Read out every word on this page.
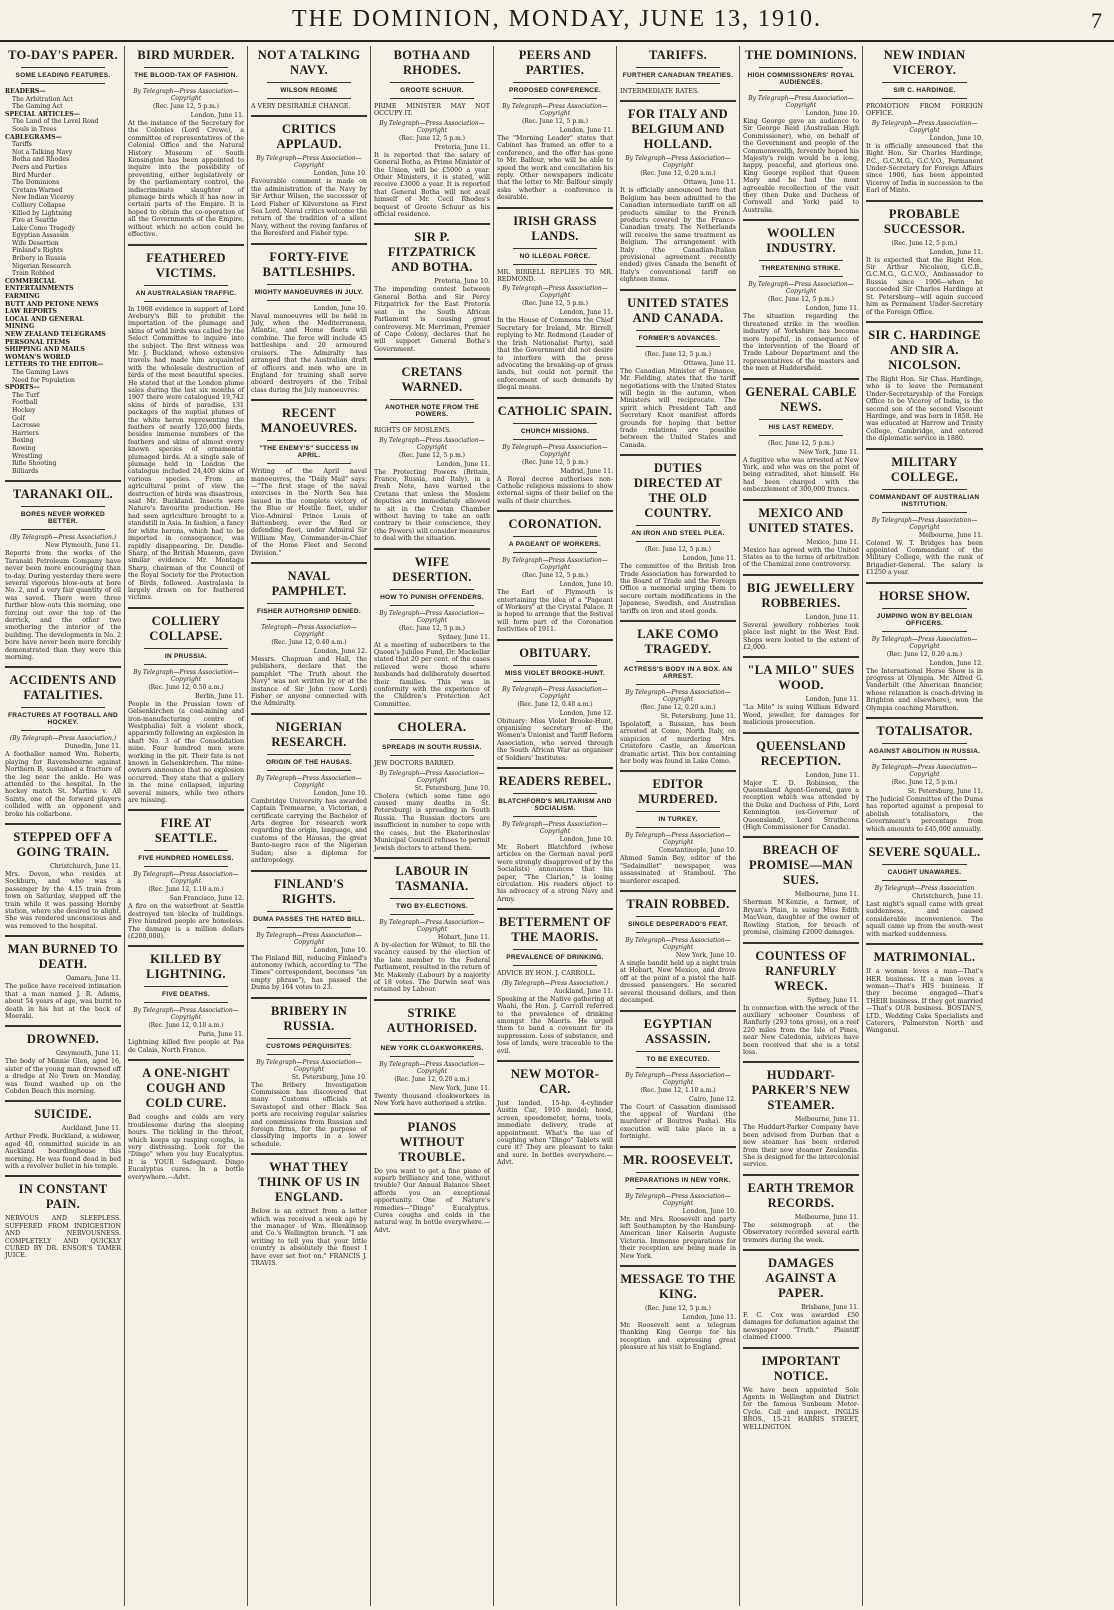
THE DOMINION, MONDAY, JUNE 13, 1910.	7
TO-DAY'S PAPER.
SOME LEADING FEATURES.
READERS—
The Arbitration Act
The Gaming Act
SPECIAL ARTICLES—
The Land of the Level Road
Souls in Trees
CABLEGRAMS—
Tariffs
Not a Talking Navy
Botha and Rhodes
Peers and Parties
Bird Murder
The Dominions
Cretans Warned
New Indian Viceroy
Colliery Collapse
Killed by Lightning
Fire at Seattle
Lake Como Tragedy
Egyptian Assassin
Wife Desertion
Finland's Rights
Bribery in Russia
Nigerian Research
Train Robbed
COMMERCIAL
ENTERTAINMENTS
FARMING
BUTT AND PETONE NEWS
LAW REPORTS
LOCAL AND GENERAL
MINING
NEW ZEALAND TELEGRAMS
PERSONAL ITEMS
SHIPPING AND MAILS
WOMAN'S WORLD
LETTERS TO THE EDITOR—
The Gaming Laws
Need for Population
SPORTS—
The Turf
Football
Hockey
Golf
Lacrosse
Harriers
Boxing
Rowing
Wrestling
Rifle Shooting
Billiards
TARANAKI OIL.
BORES NEVER WORKED BETTER.
(By Telegraph—Press Association.)
New Plymouth, June 11.
Reports from the works of the Taranaki Petroleum Company have never been more encouraging than to-day. During yesterday there were several vigorous blow-outs at bore No. 2, and a very fair quantity of oil was saved. There were three further blow-outs this morning, one forcing out over the top of the derrick, and the other two smothering the interior of the building. The developments in No. 2 bore have never been more forcibly demonstrated than they were this morning.
ACCIDENTS AND FATALITIES.
FRACTURES AT FOOTBALL AND HOCKEY.
(By Telegraph—Press Association.)
Dunedin, June 11.
A footballer named Wm. Roberts, playing for Ravensbourne against Northern B, sustained a fracture of the leg near the ankle. He was attended to the hospital. In the hockey match St. Martins v. All Saints, one of the forward players collided with an opponent and broke his collarbone.
STEPPED OFF A GOING TRAIN.
Christchurch, June 11.
Mrs. Devon, who resides at Sockburn, and who was a passenger by the 4.15 train from town on Saturday, stepped off the train while it was passing Hornby station, where she desired to alight. She was rendered unconscious and was removed to the hospital.
MAN BURNED TO DEATH.
Oamaru, June 11.
The police have received intimation that a man named J. R. Adams, about 54 years of age, was burnt to death in his hut at the back of Moeraki.
DROWNED.
Greymouth, June 11.
The body of Minnie Glen, aged 16, sister of the young man drowned off a dredge at No Town on Monday, was found washed up on the Cobden Beach this morning.
SUICIDE.
Auckland, June 11.
Arthur Fredk. Buckland, a widower, aged 40, committed suicide in an Auckland boardinghouse this morning. He was found dead in bed with a revolver bullet in his temple.
IN CONSTANT PAIN.
NERVOUS AND SLEEPLESS. SUFFERED FROM INDIGESTION AND NERVOUSNESS. COMPLETELY AND QUICKLY CURED BY DR. ENSOR'S TAMER JUICE.
BIRD MURDER.
THE BLOOD-TAX OF FASHION.
By Telegraph—Press Association—Copyright
(Rec. June 12, 5 p.m.)
London, June 11.
At the instance of the Secretary for the Colonies (Lord Crewe), a committee of representatives of the Colonial Office and the Natural History Museum of South Kensington has been appointed to inquire into the possibility of preventing, either legislatively or by the parliamentary control, the indiscriminate slaughter of plumage birds which it has now in certain parts of the Empire. It is hoped to obtain the co-operation of all the Governments of the Empire, without which no action could be effective.
FEATHERED VICTIMS.
AN AUSTRALASIAN TRAFFIC.
In 1908 evidence in support of Lord Avebury's Bill to prohibit the importation of the plumage and skins of wild birds was called by the Select Committee to inquire into the subject. The first witness was Mr. J. Buckland, whose extensive travels had made him acquainted with the wholesale destruction of birds of the most beautiful species. He stated that at the London plume sales during the last six months of 1907 there were catalogued 19,742 skins of birds of paradise, 131 packages of the nuptial plumes of the white heron representing the feathers of nearly 120,000 birds, besides immense numbers of the feathers and skins of almost every known species of ornamental plumaged birds. At a single sale of plumage held in London the catalogue included 24,400 skins of various species. From an agricultural point of view the destruction of birds was disastrous, said Mr. Buckland. Insects were Nature's favourite production. He had seen agriculture brought to a standstill in Asia. In fashion, a fancy for white herons, which had to be imported in consequence, was rapidly disappearing. Dr. Dendle-Sharp, of the British Museum, gave similar evidence. Mr. Montagu Sharp, chairman of the Council of the Royal Society for the Protection of Birds, followed. Australasia is largely drawn on for feathered victims.
COLLIERY COLLAPSE.
IN PRUSSIA.
By Telegraph—Press Association—Copyright
(Rec. June 12, 0.50 a.m.)
Berlin, June 11.
People in the Prussian town of Gelsenkirchen (a coal-mining and iron-manufacturing centre of Westphalia) felt a violent shock, apparently following an explosion in shaft No. 3 of the Consolidation mine. Four hundred men were working in the pit. Their fate is not known in Gelsenkirchen. The mine-owners announce that no explosion occurred. They state that a gallery in the mine collapsed, injuring several miners, while two others are missing.
FIRE AT SEATTLE.
FIVE HUNDRED HOMELESS.
By Telegraph—Press Association—Copyright
(Rec. June 12, 1.10 a.m.)
San Francisco, June 12.
A fire on the waterfront at Seattle destroyed ten blocks of buildings. Five hundred people are homeless. The damage is a million dollars (£200,000).
KILLED BY LIGHTNING.
FIVE DEATHS.
By Telegraph—Press Association—Copyright
(Rec. June 12, 0.10 a.m.)
Paris, June 11.
Lightning killed five people at Pas de Calais, North France.
A ONE-NIGHT COUGH AND COLD CURE.
Bad coughs and colds are very troublesome during the sleeping hours. The tickling in the throat, which keeps up rasping coughs, is very distressing. Look for the "Dingo" when you buy Eucalyptus. It is YOUR Safeguard. Dingo Eucalyptus cures. In a bottle everywhere.—Advt.
NOT A TALKING NAVY.
WILSON REGIME
A VERY DESIRABLE CHANGE.
CRITICS APPLAUD.
By Telegraph—Press Association—Copyright
London, June 10.
Favourable comment is made on the administration of the Navy by Sir Arthur Wilson, the successor of Lord Fisher of Kilverstone as First Sea Lord. Naval critics welcome the return of the tradition of a silent Navy, without the roving fanfares of the Beresford and Fisher type.
FORTY-FIVE BATTLESHIPS.
MIGHTY MANOEUVRES IN JULY.
London, June 10.
Naval manoeuvres will be held in July, when the Mediterranean, Atlantic, and Home fleets will combine. The force will include 45 battleships and 20 armoured cruisers. The Admiralty has arranged that the Australian draft of officers and men who are in England for training shall serve aboard destroyers of the Tribal class during the July manoeuvres.
RECENT MANOEUVRES.
"THE ENEMY'S" SUCCESS IN APRIL.
Writing of the April naval manoeuvres, the "Daily Mail" says:—"The first stage of the naval exercises in the North Sea has issued in the complete victory of the Blue or Hostile fleet, under Vice-Admiral Prince Louis of Battenberg, over the Red or defending fleet, under Admiral Sir William May, Commander-in-Chief of the Home Fleet and Second Division."
NAVAL PAMPHLET.
FISHER AUTHORSHIP DENIED.
Telegraph—Press Association—Copyright
(Rec. June 12, 0.40 a.m.)
London, June 12.
Messrs. Chapman and Hall, the publishers, declare that the pamphlet "The Truth about the Navy" was not written by or at the instance of Sir John (now Lord) Fisher or anyone connected with the Admiralty.
NIGERIAN RESEARCH.
ORIGIN OF THE HAUSAS.
By Telegraph—Press Association—Copyright
London, June 10.
Cambridge University has awarded Captain Tremearne, a Victorian, a certificate carrying the Bachelor of Arts degree for research work regarding the origin, language, and customs of the Hausas, the great Banto-negro race of the Nigerian Sudan; also a diploma for anthropology.
FINLAND'S RIGHTS.
DUMA PASSES THE HATED BILL.
By Telegraph—Press Association—Copyright
London, June 10.
The Finland Bill, reducing Finland's autonomy (which, according to "The Times" correspondent, becomes "an empty phrase"), has passed the Duma by 164 votes to 23.
BRIBERY IN RUSSIA.
CUSTOMS PERQUISITES.
By Telegraph—Press Association—Copyright
St. Petersburg, June 10.
The Bribery Investigation Commission has discovered that many Customs officials at Sevastopol and other Black Sea ports are receiving regular salaries and commissions from Russian and foreign firms, for the purpose of classifying imports in a lower schedule.
WHAT THEY THINK OF US IN ENGLAND.
Below is an extract from a letter which was received a week ago by the manager of Wm. Blenkinsop and Co.'s Wellington branch. "I am writing to tell you that your little country is absolutely the finest I have ever set foot on." FRANCIS J. TRAVIS.
BOTHA AND RHODES.
GROOTE SCHUUR.
PRIME MINISTER MAY NOT OCCUPY IT.
By Telegraph—Press Association—Copyright
(Rec. June 12, 5 p.m.)
Pretoria, June 11.
It is reported that the salary of General Botha, as Prime Minister of the Union, will be £5000 a year. Other Ministers, it is stated, will receive £3000 a year. It is reported that General Botha will not avail himself of Mr. Cecil Rhodes's bequest of Groote Schuur as his official residence.
SIR P. FITZPATRICK AND BOTHA.
Pretoria, June 10.
The impending contest between General Botha and Sir Percy Fitzpatrick for the East Pretoria seat in the South African Parliament is causing great controversy. Mr. Merriman, Premier of Cape Colony, declares that he will support General Botha's Government.
CRETANS WARNED.
ANOTHER NOTE FROM THE POWERS.
RIGHTS OF MOSLEMS.
By Telegraph—Press Association—Copyright
(Rec. June 12, 5 p.m.)
London, June 11.
The Protecting Powers (Britain, France, Russia, and Italy), in a fresh Note, have warned the Cretans that unless the Moslem deputies are immediately allowed to sit in the Cretan Chamber without having to take an oath contrary to their conscience, they (the Powers) will consider measures to deal with the situation.
WIFE DESERTION.
HOW TO PUNISH OFFENDERS.
By Telegraph—Press Association—Copyright
(Rec. June 12, 5 p.m.)
Sydney, June 11.
At a meeting of subscribers to the Queen's Jubilee Fund, Dr. Mackellar stated that 20 per cent. of the cases relieved were those where husbands had deliberately deserted their families. This was in conformity with the experience of the Children's Protection Act Committee.
CHOLERA.
SPREADS IN SOUTH RUSSIA.
JEW DOCTORS BARRED.
By Telegraph—Press Association—Copyright
St. Petersburg, June 10.
Cholera (which some time ago caused many deaths in St. Petersburg) is spreading in South Russia. The Russian doctors are insufficient in number to cope with the cases, but the Ekaterinoslav Municipal Council refuses to permit Jewish doctors to attend them.
LABOUR IN TASMANIA.
TWO BY-ELECTIONS.
By Telegraph—Press Association—Copyright
Hobart, June 11.
A by-election for Wilmot, to fill the vacancy caused by the election of the late member to the Federal Parliament, resulted in the return of Mr. Makenly (Labour) by a majority of 18 votes. The Darwin seat was retained by Labour.
STRIKE AUTHORISED.
NEW YORK CLOAKWORKERS.
By Telegraph—Press Association—Copyright
(Rec. June 12, 0.20 a.m.)
New York, June 11.
Twenty thousand cloakworkers in New York have authorised a strike.
PIANOS WITHOUT TROUBLE.
Do you want to get a fine piano of superb brilliancy and tone, without trouble? Our Annual Balance Sheet affords you an exceptional opportunity. One of Nature's remedies—"Dingo" Eucalyptus. Cures coughs and colds in the natural way. In bottle everywhere.—Advt.
PEERS AND PARTIES.
PROPOSED CONFERENCE.
By Telegraph—Press Association—Copyright
(Rec. June 12, 5 p.m.)
London, June 11.
The "Morning Leader" states that Cabinet has framed an offer to a conference, and the offer has gone to Mr. Balfour, who will be able to speed the work and conciliation his reply. Other newspapers indicate that the letter to Mr. Balfour simply asks whether a conference is desirable.
IRISH GRASS LANDS.
NO ILLEGAL FORCE.
MR. BIRRELL REPLIES TO MR. REDMOND.
By Telegraph—Press Association—Copyright
(Rec. June 12, 5 p.m.)
London, June 11.
In the House of Commons the Chief Secretary for Ireland, Mr. Birrell, replying to Mr. Redmond (Leader of the Irish Nationalist Party), said that the Government did not desire to interfere with the press advocating the breaking-up of grass lands, but could not permit the enforcement of such demands by illegal means.
CATHOLIC SPAIN.
CHURCH MISSIONS.
By Telegraph—Press Association—Copyright
(Rec. June 12, 5 p.m.)
Madrid, June 11.
A Royal decree authorises non-Catholic religious missions to show external signs of their belief on the walls of their churches.
CORONATION.
A PAGEANT OF WORKERS.
By Telegraph—Press Association—Copyright
(Rec. June 12, 5 p.m.)
London, June 10.
The Earl of Plymouth is entertaining the idea of a "Pageant of Workers" at the Crystal Palace. It is hoped to arrange that the festival will form part of the Coronation festivities of 1911.
OBITUARY.
MISS VIOLET BROOKE-HUNT.
By Telegraph—Press Association—Copyright
(Rec. June 12, 0.40 a.m.)
London, June 12.
Obituary: Miss Violet Brooke-Hunt, organising secretary of the Women's Unionist and Tariff Reform Association, who served through the South African War as organiser of Soldiers' Institutes.
READERS REBEL.
BLATCHFORD'S MILITARISM AND SOCIALISM.
By Telegraph—Press Association—Copyright
London, June 10.
Mr. Robert Blatchford (whose articles on the German naval peril were strongly disapproved of by the Socialists) announces that his paper, "The Clarion," is losing circulation. His readers object to his advocacy of a strong Navy and Army.
BETTERMENT OF THE MAORIS.
PREVALENCE OF DRINKING.
ADVICE BY HON. J. CARROLL.
(By Telegraph—Press Association.)
Auckland, June 11.
Speaking at the Native gathering at Waahi, the Hon. J. Carroll referred to the prevalence of drinking amongst the Maoris. He urged them to band a covenant for its suppression. Loss of substance, and loss of lands, were traceable to the evil.
NEW MOTOR-CAR.
Just landed, 15-hp. 4-cylinder Austin Car, 1910 model; hood, screen, speedometer, horns, tools, immediate delivery, trade at appointment. What's the use of coughing when "Dingo" Tablets will cure it? They are pleasant to take and sure. In bottles everywhere.—Advt.
TARIFFS.
FURTHER CANADIAN TREATIES.
INTERMEDIATE RATES.
FOR ITALY AND BELGIUM AND HOLLAND.
By Telegraph—Press Association—Copyright
(Rec. June 12, 0.20 a.m.)
Ottawa, June 11.
It is officially announced here that Belgium has been admitted to the Canadian intermediate tariff on all products similar to the French products covered by the Franco-Canadian treaty. The Netherlands will receive the same treatment as Belgium. The arrangement with Italy (the Canadian-Italian provisional agreement recently ended) gives Canada the benefit of Italy's conventional tariff on eighteen items.
UNITED STATES AND CANADA.
FORMER'S ADVANCES.
(Rec. June 12, 5 p.m.)
Ottawa, June 11.
The Canadian Minister of Finance, Mr. Fielding, states that the tariff negotiations with the United States will begin in the autumn, when Ministers will reciprocate. The spirit which President Taft and Secretary Knox manifest affords grounds for hoping that better trade relations are possible between the United States and Canada.
DUTIES DIRECTED AT THE OLD COUNTRY.
AN IRON AND STEEL PLEA.
(Rec. June 12, 5 p.m.)
London, June 11.
The committee of the British Iron Trade Association has forwarded to the Board of Trade and the Foreign Office a memorial urging them to secure certain modifications in the Japanese, Swedish, and Australian tariffs on iron and steel goods.
LAKE COMO TRAGEDY.
ACTRESS'S BODY IN A BOX. AN ARREST.
By Telegraph—Press Association—Copyright
(Rec. June 12, 0.20 a.m.)
St. Petersburg, June 11.
Ispolatoff, a Russian, has been arrested at Como, North Italy, on suspicion of murdering Mrs. Cristoforo Castle, an American dramatic artist. This box containing her body was found in Lake Como.
EDITOR MURDERED.
IN TURKEY.
By Telegraph—Press Association—Copyright
Constantinople, June 10.
Ahmed Samin Bey, editor of the "Sedaimillet" newspaper, was assassinated at Stamboul. The murderer escaped.
TRAIN ROBBED.
SINGLE DESPERADO'S FEAT.
By Telegraph—Press Association—Copyright
New York, June 10.
A single bandit held up a night train at Hobart, New Mexico, and drove off at the point of a pistol the half-dressed passengers. He secured several thousand dollars, and then decamped.
EGYPTIAN ASSASSIN.
TO BE EXECUTED.
By Telegraph—Press Association—Copyright
(Rec. June 12, 1.10 a.m.)
Cairo, June 12.
The Court of Cassation dismissed the appeal of Wardani (the murderer of Boutros Pasha). His execution will take place in a fortnight.
MR. ROOSEVELT.
PREPARATIONS IN NEW YORK.
By Telegraph—Press Association—Copyright
London, June 10.
Mr. and Mrs. Roosevelt and party left Southampton by the Hamburg-American liner Kaiserin Auguste Victoria. Immense preparations for their reception are being made in New York.
MESSAGE TO THE KING.
(Rec. June 12, 5 p.m.)
London, June 11.
Mr. Roosevelt sent a telegram thanking King George for his reception and expressing great pleasure at his visit to England.
THE DOMINIONS.
HIGH COMMISSIONERS' ROYAL AUDIENCES.
By Telegraph—Press Association—Copyright
London, June 10.
King George gave an audience to Sir George Reid (Australian High Commissioner), who, on behalf of the Government and people of the Commonwealth, fervently hoped his Majesty's reign would be a long, happy, peaceful, and glorious one. King George replied that Queen Mary and he had the most agreeable recollection of the visit they (then Duke and Duchess of Cornwall and York) paid to Australia.
WOOLLEN INDUSTRY.
THREATENING STRIKE.
By Telegraph—Press Association—Copyright
(Rec. June 12, 5 p.m.)
London, June 11.
The situation regarding the threatened strike in the woollen industry of Yorkshire has become more hopeful, in consequence of the intervention of the Board of Trade Labour Department and the representatives of the masters and the men at Huddersfield.
GENERAL CABLE NEWS.
HIS LAST REMEDY.
(Rec. June 12, 5 p.m.)
New York, June 11.
A fugitive who was arrested at New York, and who was on the point of being extradited, shot himself. He had been charged with the embezzlement of 300,000 francs.
MEXICO AND UNITED STATES.
Mexico, June 11.
Mexico has agreed with the United States as to the terms of arbitration of the Chamizal zone controversy.
BIG JEWELLERY ROBBERIES.
London, June 11.
Several jewellery robberies took place last night in the West End. Shops were looted to the extent of £2,000.
"LA MILO" SUES WOOD.
London, June 11.
"La Milo" is suing William Edward Wood, jeweller, for damages for malicious prosecution.
QUEENSLAND RECEPTION.
London, June 11.
Major T. D. Robinson, the Queensland Agent-General, gave a reception which was attended by the Duke and Duchess of Fife, Lord Kennington (ex-Governor of Queensland), Lord Strathcona (High Commissioner for Canada).
BREACH OF PROMISE—MAN SUES.
Melbourne, June 11.
Sherman M'Kenzie, a farmer, of Bryan's Plain, is suing Miss Edith MacVean, daughter of the owner of Rowling Station, for breach of promise, claiming £2000 damages.
COUNTESS OF RANFURLY WRECK.
Sydney, June 11.
In connection with the wreck of the auxiliary schooner Countess of Ranfurly (293 tons gross), on a reef 220 miles from the Isle of Pines, near New Caledonia, advices have been received that she is a total loss.
HUDDART-PARKER'S NEW STEAMER.
Melbourne, June 11.
The Huddart-Parker Company have been advised from Durban that a new steamer has been ordered from their new steamer Zealandia. She is designed for the intercolonial service.
EARTH TREMOR RECORDS.
Melbourne, June 11.
The seismograph at the Observatory recorded several earth tremors during the week.
DAMAGES AGAINST A PAPER.
Brisbane, June 11.
F. C. Cox was awarded £50 damages for defamation against the newspaper "Truth." Plaintiff claimed £1000.
IMPORTANT NOTICE.
We have been appointed Sole Agents in Wellington and District for the famous Sunbeam Motor-Cycle. Call and inspect. INGLIS BROS., 15-21 HARRIS STREET, WELLINGTON.
NEW INDIAN VICEROY.
SIR C. HARDINGE.
PROMOTION FROM FOREIGN OFFICE.
By Telegraph—Press Association—Copyright
London, June 10.
It is officially announced that the Right Hon. Sir Charles Hardinge, P.C., G.C.M.G., G.C.V.O., Permanent Under-Secretary for Foreign Affairs since 1906, has been appointed Viceroy of India in succession to the Earl of Minto.
PROBABLE SUCCESSOR.
(Rec. June 12, 5 p.m.)
London, June 11.
It is expected that the Right Hon. Sir Arthur Nicolson, G.C.B., G.C.M.G., G.C.V.O., Ambassador to Russia since 1906—when he succeeded Sir Charles Hardinge at St. Petersburg—will again succeed him as Permanent Under-Secretary of the Foreign Office.
SIR C. HARDINGE AND SIR A. NICOLSON.
The Right Hon. Sir Chas. Hardinge, who is to leave the Permanent Under-Secretaryship of the Foreign Office to be Viceroy of India, is the second son of the second Viscount Hardinge, and was born in 1858. He was educated at Harrow and Trinity College, Cambridge, and entered the diplomatic service in 1880.
MILITARY COLLEGE.
COMMANDANT OF AUSTRALIAN INSTITUTION.
By Telegraph—Press Association—Copyright
Melbourne, June 11.
Colonel W. T. Bridges has been appointed Commandant of the Military College, with the rank of Brigadier-General. The salary is £1250 a year.
HORSE SHOW.
JUMPING WON BY BELGIAN OFFICERS.
By Telegraph—Press Association—Copyright
(Rec. June 12, 0.20 a.m.)
London, June 12.
The International Horse Show is in progress at Olympia. Mr. Alfred G. Vanderbilt (the American financier, whose relaxation is coach-driving in Brighton and elsewhere), won the Olympia coaching Marathon.
TOTALISATOR.
AGAINST ABOLITION IN RUSSIA.
By Telegraph—Press Association—Copyright
(Rec. June 12, 5 p.m.)
St. Petersburg, June 11.
The Judicial Committee of the Duma has reported against a proposal to abolish totalisators, the Government's percentage from which amounts to £45,000 annually.
SEVERE SQUALL.
CAUGHT UNAWARES.
By Telegraph—Press Association
Christchurch, June 11.
Last night's squall came with great suddenness, and caused considerable inconvenience. The squall came up from the south-west with marked suddenness.
MATRIMONIAL.
If a woman loves a man—That's HER business. If a man loves a woman—That's HIS business. If they become engaged—That's THEIR business. If they get married—That's OUR business. BOSTAN'S, LTD., Wedding Cake Specialists and Caterers, Palmerston North and Wanganui.
